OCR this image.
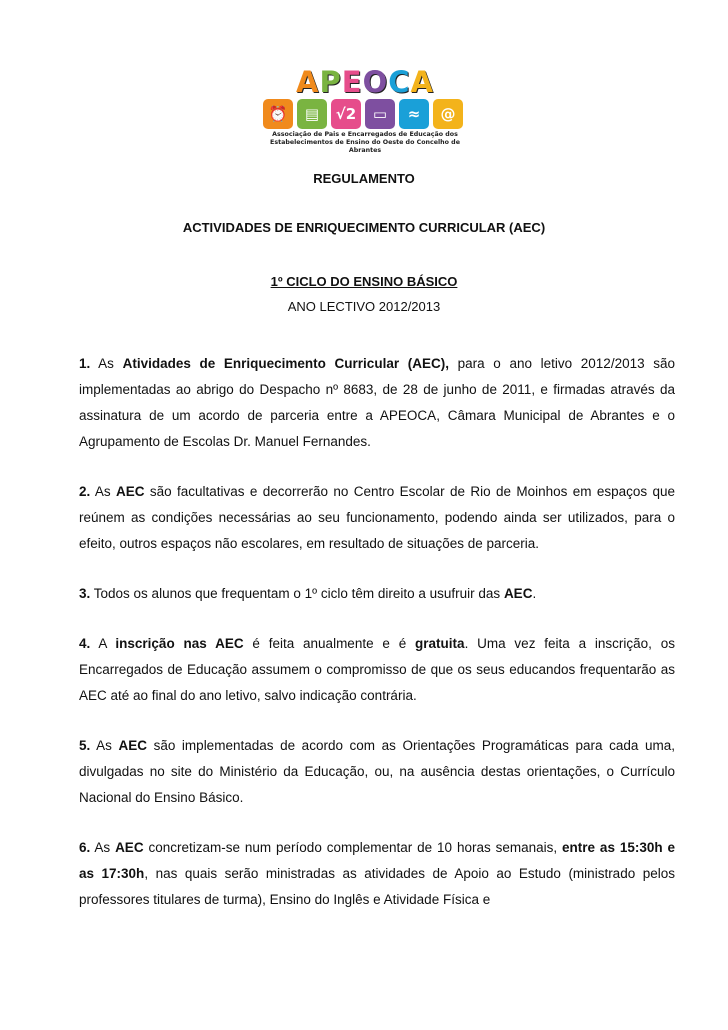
APEOCA
⏰	▤	√2	▭	≈	@
Associação de Pais e Encarregados de Educação dos
Estabelecimentos de Ensino do Oeste do Concelho de Abrantes
REGULAMENTO
ACTIVIDADES DE ENRIQUECIMENTO CURRICULAR (AEC)
1º CICLO DO ENSINO BÁSICO
ANO LECTIVO 2012/2013

1. As Atividades de Enriquecimento Curricular (AEC), para o ano letivo 2012/2013 são implementadas ao abrigo do Despacho nº 8683, de 28 de junho de 2011, e firmadas através da assinatura de um acordo de parceria entre a APEOCA, Câmara Municipal de Abrantes e o Agrupamento de Escolas Dr. Manuel Fernandes.

2. As AEC são facultativas e decorrerão no Centro Escolar de Rio de Moinhos em espaços que reúnem as condições necessárias ao seu funcionamento, podendo ainda ser utilizados, para o efeito, outros espaços não escolares, em resultado de situações de parceria.

3. Todos os alunos que frequentam o 1º ciclo têm direito a usufruir das AEC.

4. A inscrição nas AEC é feita anualmente e é gratuita. Uma vez feita a inscrição, os Encarregados de Educação assumem o compromisso de que os seus educandos frequentarão as AEC até ao final do ano letivo, salvo indicação contrária.

5. As AEC são implementadas de acordo com as Orientações Programáticas para cada uma, divulgadas no site do Ministério da Educação, ou, na ausência destas orientações, o Currículo Nacional do Ensino Básico.

6. As AEC concretizam-se num período complementar de 10 horas semanais, entre as 15:30h e as 17:30h, nas quais serão ministradas as atividades de Apoio ao Estudo (ministrado pelos professores titulares de turma), Ensino do Inglês e Atividade Física e
